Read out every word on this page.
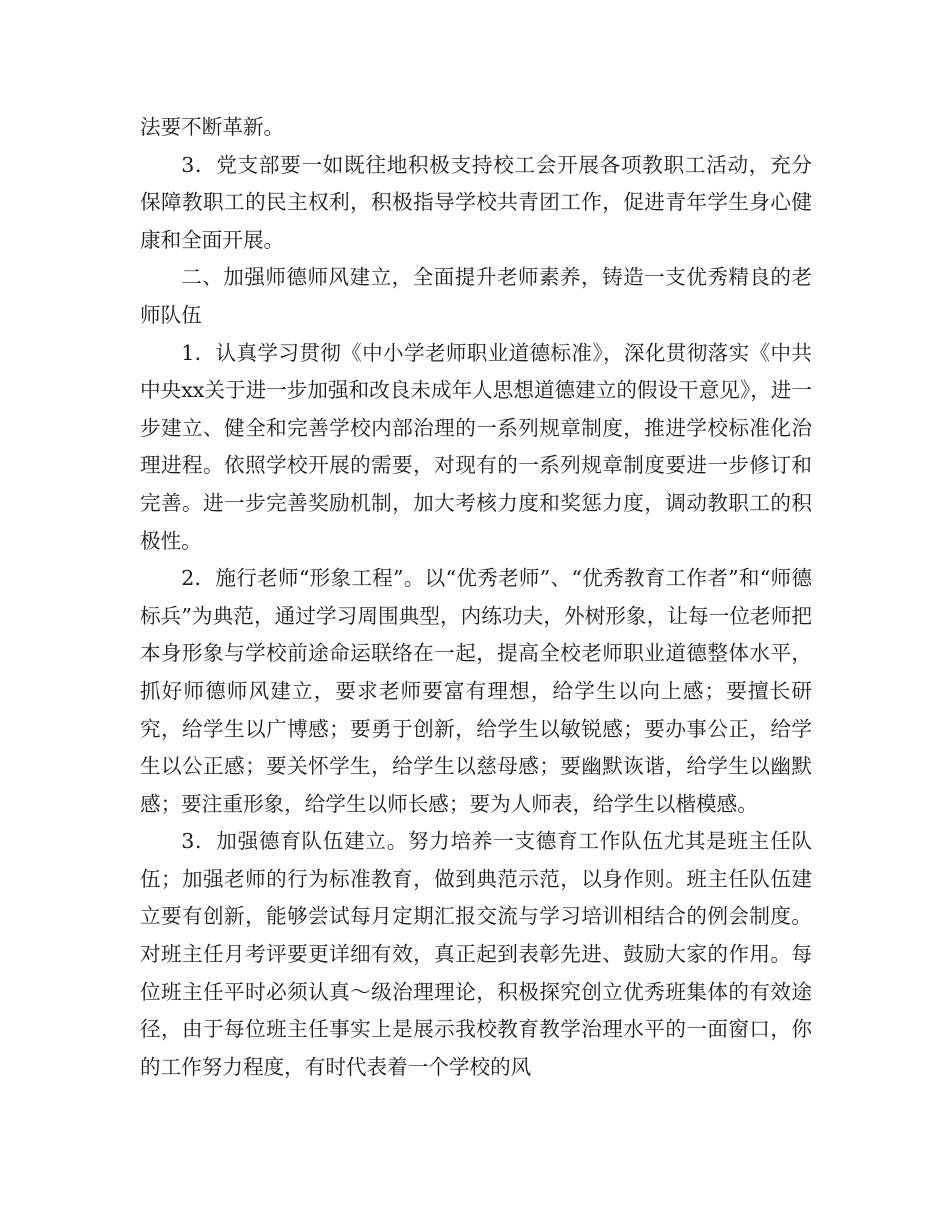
法要不断革新。

3．党支部要一如既往地积极支持校工会开展各项教职工活动，充分保障教职工的民主权利，积极指导学校共青团工作，促进青年学生身心健康和全面开展。

二、加强师德师风建立，全面提升老师素养，铸造一支优秀精良的老师队伍

1．认真学习贯彻《中小学老师职业道德标准》，深化贯彻落实《中共中央xx关于进一步加强和改良未成年人思想道德建立的假设干意见》，进一步建立、健全和完善学校内部治理的一系列规章制度，推进学校标准化治理进程。依照学校开展的需要，对现有的一系列规章制度要进一步修订和完善。进一步完善奖励机制，加大考核力度和奖惩力度，调动教职工的积极性。

2．施行老师“形象工程”。以“优秀老师”、“优秀教育工作者”和“师德标兵”为典范，通过学习周围典型，内练功夫，外树形象，让每一位老师把本身形象与学校前途命运联络在一起，提高全校老师职业道德整体水平，抓好师德师风建立，要求老师要富有理想，给学生以向上感；要擅长研究，给学生以广博感；要勇于创新，给学生以敏锐感；要办事公正，给学生以公正感；要关怀学生，给学生以慈母感；要幽默诙谐，给学生以幽默感；要注重形象，给学生以师长感；要为人师表，给学生以楷模感。

3．加强德育队伍建立。努力培养一支德育工作队伍尤其是班主任队伍；加强老师的行为标准教育，做到典范示范，以身作则。班主任队伍建立要有创新，能够尝试每月定期汇报交流与学习培训相结合的例会制度。对班主任月考评要更详细有效，真正起到表彰先进、鼓励大家的作用。每位班主任平时必须认真～级治理理论，积极探究创立优秀班集体的有效途径，由于每位班主任事实上是展示我校教育教学治理水平的一面窗口，你的工作努力程度，有时代表着一个学校的风
